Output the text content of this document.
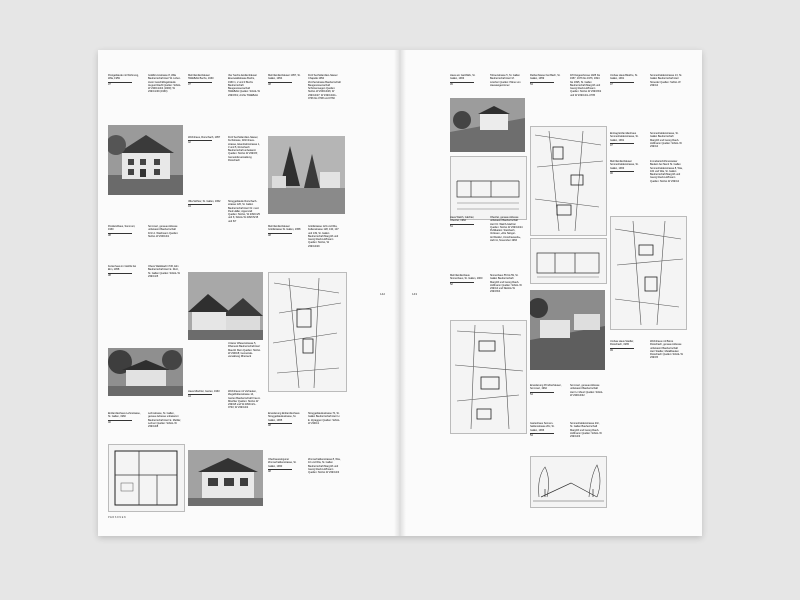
Postgebäude mit Wohnung, Wila, 1959
37
Goldbrunnstrasse 8, Wila Bauherrschaft Herr W. Lüber-Hunn Geschäftsgebäude August Raufli Quellen: StAGL W 239/C1/4/4 (1960); W 239/C1/39 (1960)
Mehrfamilienhäuser SWEBAH Buchs, 1960
37
Vier Sechs-familienhäuser Eisenwallstrasse Buchs, 1960 1, 2 und 3 Buchs Bauherrschaft Baugenossenschaft SWEBAH Quellen: StAGL W 239/C5/1; Archiv SWEBAH
Mehrfamilienhäuser 1957, St. Gallen, 1954
48
Fünf Sechsfamilien-häuser Chapelle 1954 Zürcherstrasse Bauherrschaft Baugenossenschaft Schönenwegen Quellen: StAGL W 239/C4/26; W 239/C4/27; W 239/C4/24–0736 bis 0738 und 0760
Wohnhaus, Rorschach, 1957
42
Fünf Sechsfamilien-häuser, Kurfstrasse, Wohnhausstrasse, Eisenbahnstrasse 1, 3 und 5, Rorschach Bauherrschaft unbekannt Quellen: StAGL W 239/C5; Gemeindeverwaltung Rorschach
Villa Stöhrer, St. Gallen, 1952
43
Stroggebäude Rorschachstrasse 126, St. Gallen Bauherrschaft Herr Dr. med. Paul Häller, Appenzell Quellen: StAGL, W 239/C1/5 und 6; StAGL W 239/C5/15 und 6/7
Postlandhaus, Sommeri, 1960
38
Sommeri, genaue Adresse unbekannt Bauherrschaft Fritz A. Weidmann Quellen: StAGL W 239/C4/1
Mehrfamilienhäuser Grütlistrasse St. Gallen, 1958
48
Grütlistrasse 124 und Wia, Fellenstrasse 128, 130, 137 und 139, St. Gallen Bauherrschaft Margrith und Georg Rauh-Hoffmann Quellen: StAGL, W 239/C4/29
Ferienhaus im Gätzlis bei Elm, 1958
38
Obere Waldstadt 1736, Elm Bauherrschaft Herr E. Rutz, St. Gallen Quellen: StAGL W 239/C1/5
Unterer Wiesenstrasse 5, Rheineck Bauherrschaft Herr Mauritz Klein Quellen: StAGL W 239/C8; Gemeindeverwaltung Rheineck
Haus Mischler, Gerten, 1963
44
Wohnhaus mit Vorhauten, Ziegelhüttenstrasse 14, Gerten Bauherrschaft Frau A. Mischler Quellen: StAGL W 239/C8 und W 239/C4/1–0733; W 239/C4/2
Einfamilienhaus Lehnstrasse, St. Gallen, 1960
40
Lehnstrasse, St. Gallen, genaue Adresse unbekannt Bauherrschaft Herr E. Meßler, Lehner Quellen: StAGL W 239/C4/8
Erweiterung Einfamilienhaus Stroggebäudestrasse, St. Gallen, 1965
48
Stroggebäudestrasse 7b, St. Gallen Bauherrschaft Herr H. E. Zgraggen Quellen: StAGL W 239/C1
Oberhauswinguner Zimmerhaldenstrasse, St. Gallen, 1960
48
Zimmerhaldenstrasse 8, Wia, 10 und Wia, St. Gallen Bauherrschaft Margrith und Georg Rauh-Hoffmann Quellen: StAGL W 239/C4/3
142
PERSONEN
143
Haus am Gatzblick, St. Gallen, 1963
45
Toboerstrasse 5, St. Gallen Bauherrschaft Herr M. Löscher Quellen: Pläne von Hausseigentümer
Reihenhäuser bei Bach, St. Gallen, 1959
53
18 Dreigeschosse 1925 bis 1957, 1976 bis 1976, 1994 bis 1995, St. Gallen Bauherrschaft Margrith und Georg Rauh-Hoffmann Quellen: StAGL W 239/C5/2 und W 239/C4/1–0705
Umbau Haus Bleiche, St. Gallen, 1961
47
Sonnenhaldenstrasse 13, St. Gallen Bauherrschaft Herr Stroeder Quellen: StAGL W 239/C4
Eintrag Einfamilienhaus Sonnenhaldenstrasse, St. Gallen, 1961
47
Sonnenhaldenstrasse, St. Gallen Bauherrschaft Margrith und Georg Rauh-Hoffmann Quellen: StAGL W 239/C4
Mehrfamilienhäuser Sonnenhaldenstrasse, St. Gallen, 1963
46
Immebarschöhnerweiser Baulein bei Sienti St. Gallen Sonnenhaldenstrasse 8, Wia, 10b und Wia, St. Gallen Bauherrschaft Margrith und Georg Rauh-Hoffmann Quellen: StAGL W 239/C4
Haus Walch, Gächter, Oberriet, 1962
51
Oberriet, genaue Adresse unbekannt Bauherrschaft Herr Dr. Walch-Gächter Quellen: StAGL W 239/C4/24 Publikation: Steinbach, Vorlesen, «Die Sänger-Architektur, Umschauwerk», Heft 11, November 1966
Mehrfamilienhaus Sinnenhaus, St. Gallen, 1960
52
Sinnenhaus 55 bis 59, St. Gallen Bauherrschaft Margrith und Georg Rauh-Hoffmann Quellen: StAGL W 239/C4 und SEAGL W 239/C5/4
Umbau Haus Stadler, Rorschach, 1965
49
Wohnhaus mit Büros Rorschach, genaue Adresse unbekannt Bauherrschaft Herr Stadler, Metallbauten Rorschach Quellen: StAGL W 239/C5
Erweiterung Prinzberhäuser, Sommeri, 1962
54
Sommeri, genaue Adresse unbekannt Bauherrschaft Herr H. Meuri Quellen: StAGL W 239/C4/32
Gartenhaus Sonnenhaldenstrasse 20c, St. Gallen, 1966
54
Sonnenhaldenstrasse 20c, St. Gallen Bauherrschaft Margrith und Georg Rauh-Hoffmann Quellen: StAGL W 239/C4/3
